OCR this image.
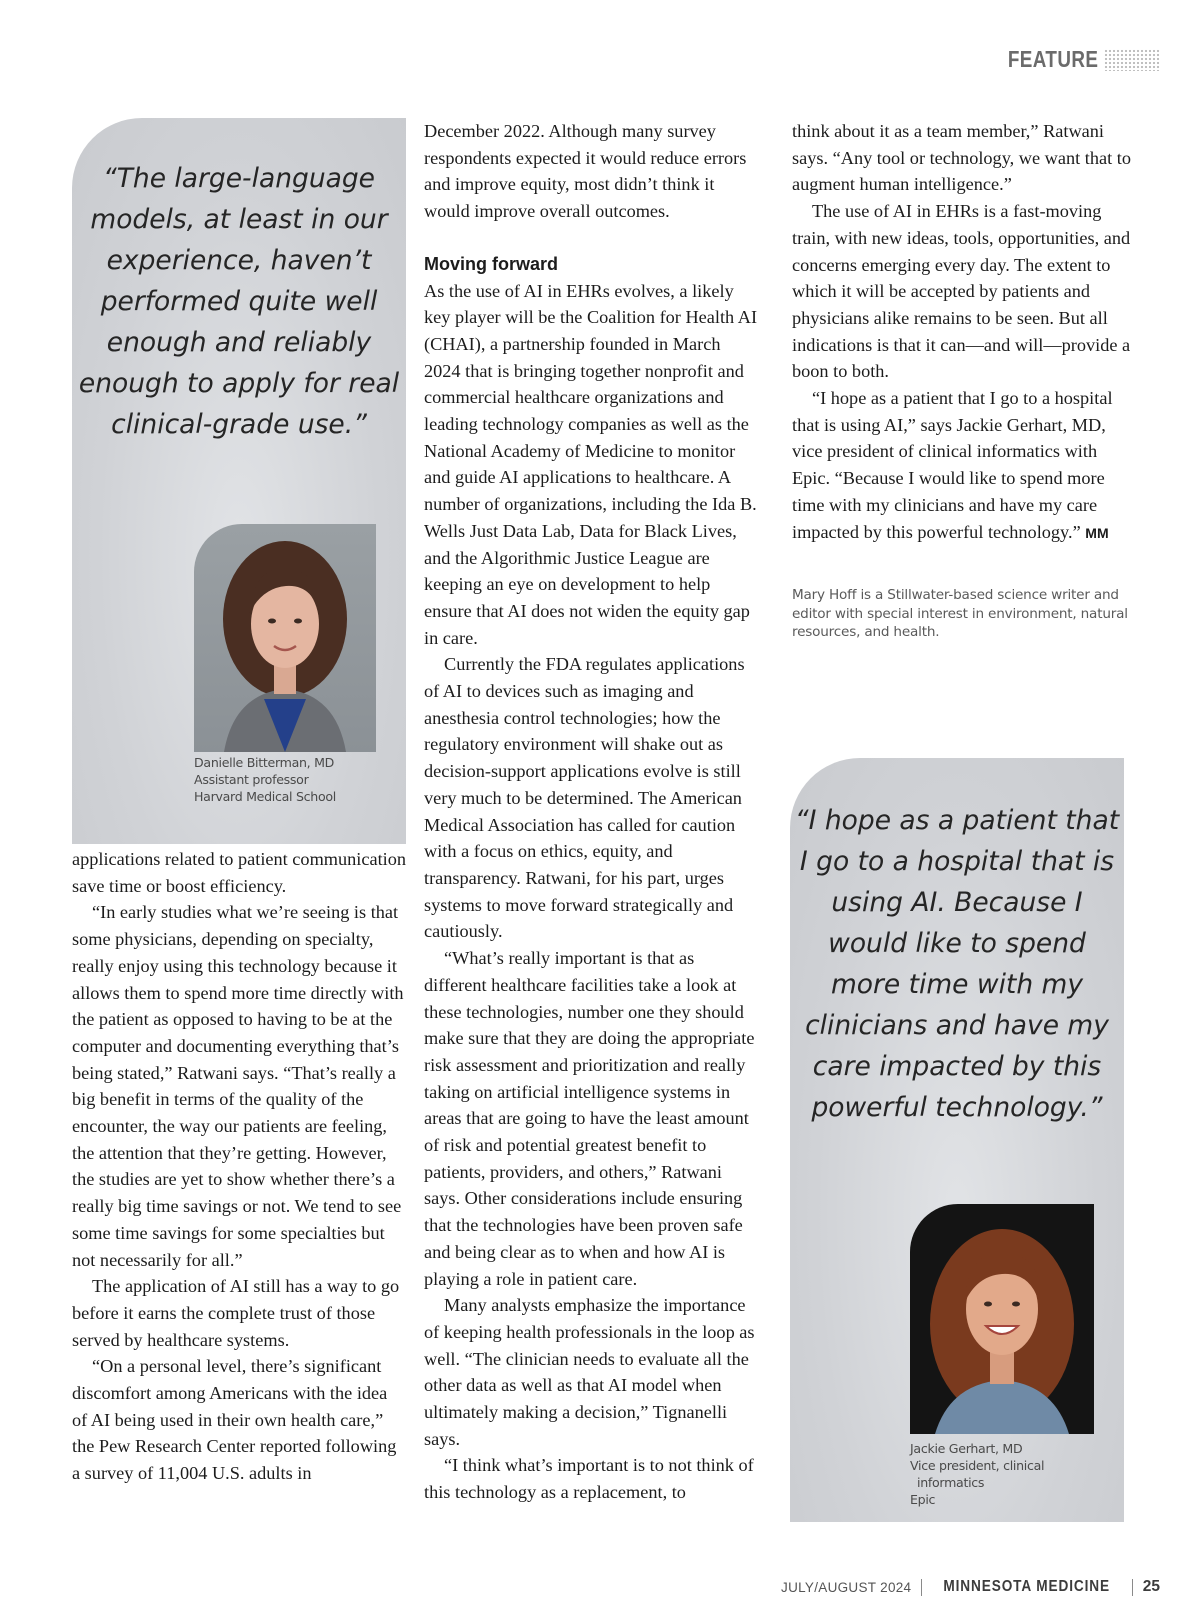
FEATURE
“The large-language models, at least in our experience, haven’t performed quite well enough and reliably enough to apply for real clinical-grade use.”
Danielle Bitterman, MD
Assistant professor
Harvard Medical School

applications related to patient communication save time or boost efficiency.

“In early studies what we’re seeing is that some physicians, depending on specialty, really enjoy using this technology because it allows them to spend more time directly with the patient as opposed to having to be at the computer and documenting everything that’s being stated,” Ratwani says. “That’s really a big benefit in terms of the quality of the encounter, the way our patients are feeling, the attention that they’re getting. However, the studies are yet to show whether there’s a really big time savings or not. We tend to see some time savings for some specialties but not necessarily for all.”

The application of AI still has a way to go before it earns the complete trust of those served by healthcare systems.

“On a personal level, there’s significant discomfort among Americans with the idea of AI being used in their own health care,” the Pew Research Center reported following a survey of 11,004 U.S. adults in

December 2022. Although many survey respondents expected it would reduce errors and improve equity, most didn’t think it would improve overall outcomes.

Moving forward

As the use of AI in EHRs evolves, a likely key player will be the Coalition for Health AI (CHAI), a partnership founded in March 2024 that is bringing together nonprofit and commercial healthcare organizations and leading technology companies as well as the National Academy of Medicine to monitor and guide AI applications to healthcare. A number of organizations, including the Ida B. Wells Just Data Lab, Data for Black Lives, and the Algorithmic Justice League are keeping an eye on development to help ensure that AI does not widen the equity gap in care.

Currently the FDA regulates applications of AI to devices such as imaging and anesthesia control technologies; how the regulatory environment will shake out as decision-support applications evolve is still very much to be determined. The American Medical Association has called for caution with a focus on ethics, equity, and transparency. Ratwani, for his part, urges systems to move forward strategically and cautiously.

“What’s really important is that as different healthcare facilities take a look at these technologies, number one they should make sure that they are doing the appropriate risk assessment and prioritization and really taking on artificial intelligence systems in areas that are going to have the least amount of risk and potential greatest benefit to patients, providers, and others,” Ratwani says. Other considerations include ensuring that the technologies have been proven safe and being clear as to when and how AI is playing a role in patient care.

Many analysts emphasize the importance of keeping health professionals in the loop as well. “The clinician needs to evaluate all the other data as well as that AI model when ultimately making a decision,” Tignanelli says.

“I think what’s important is to not think of this technology as a replacement, to

think about it as a team member,” Ratwani says. “Any tool or technology, we want that to augment human intelligence.”

The use of AI in EHRs is a fast-moving train, with new ideas, tools, opportunities, and concerns emerging every day. The extent to which it will be accepted by patients and physicians alike remains to be seen. But all indications is that it can—and will—provide a boon to both.

“I hope as a patient that I go to a hospital that is using AI,” says Jackie Gerhart, MD, vice president of clinical informatics with Epic. “Because I would like to spend more time with my clinicians and have my care impacted by this powerful technology.” MM

Mary Hoff is a Stillwater-based science writer and editor with special interest in environment, natural resources, and health.
“I hope as a patient that I go to a hospital that is using AI. Because I would like to spend more time with my clinicians and have my care impacted by this powerful technology.”
Jackie Gerhart, MD
Vice president, clinical
informatics
Epic
JULY/AUGUST 2024 MINNESOTA MEDICINE 25
